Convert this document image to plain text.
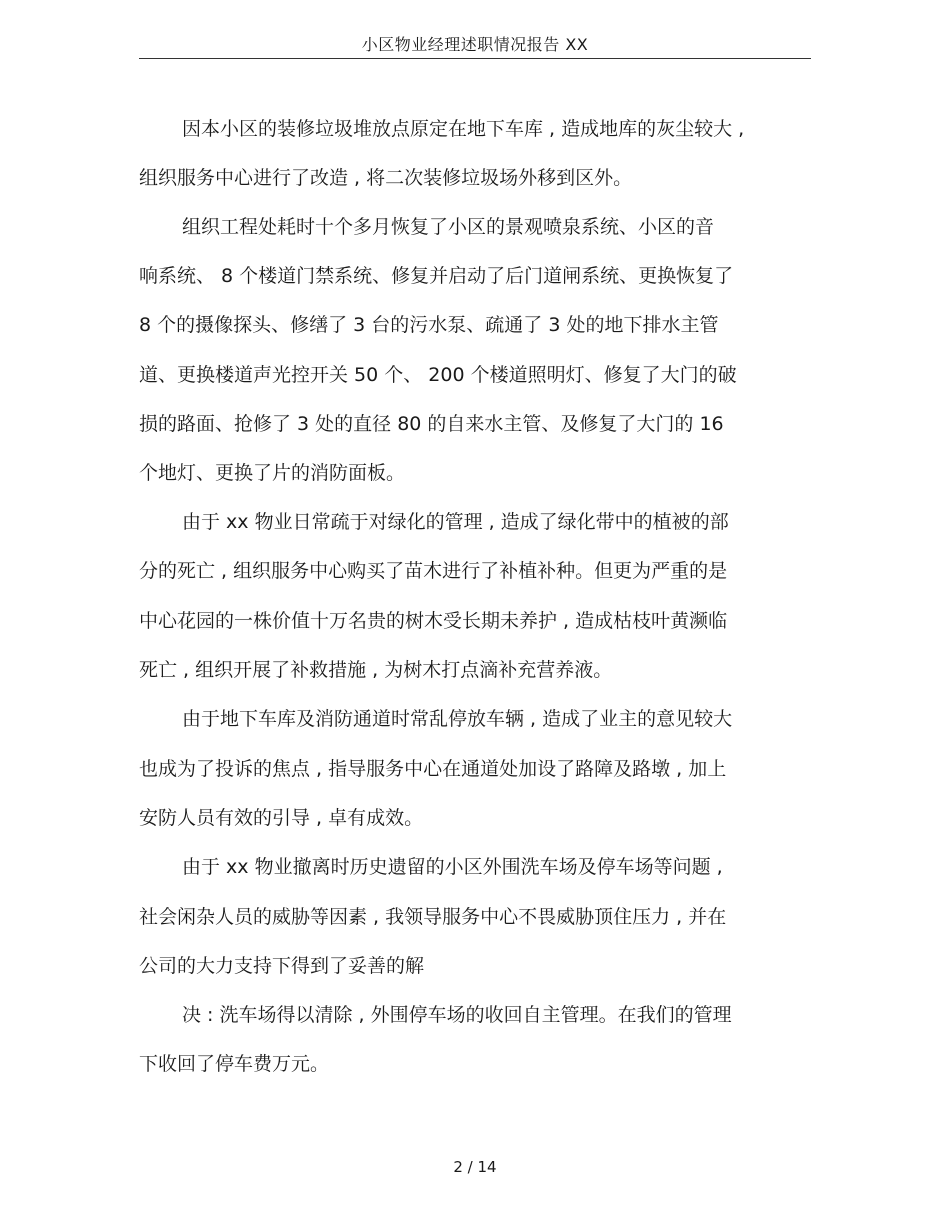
小区物业经理述职情况报告 XX
因本小区的装修垃圾堆放点原定在地下车库 , 造成地库的灰尘较大 ,
组织服务中心进行了改造 , 将二次装修垃圾场外移到区外。
组织工程处耗时十个多月恢复了小区的景观喷泉系统、小区的音
响系统、 8 个楼道门禁系统、修复并启动了后门道闸系统、更换恢复了
8 个的摄像探头、修缮了 3 台的污水泵、疏通了 3 处的地下排水主管
道、更换楼道声光控开关 50 个、 200 个楼道照明灯、修复了大门的破
损的路面、抢修了 3 处的直径 80 的自来水主管、及修复了大门的 16
个地灯、更换了片的消防面板。
由于 xx 物业日常疏于对绿化的管理 , 造成了绿化带中的植被的部
分的死亡 , 组织服务中心购买了苗木进行了补植补种。但更为严重的是
中心花园的一株价值十万名贵的树木受长期未养护 , 造成枯枝叶黄濒临
死亡 , 组织开展了补救措施 , 为树木打点滴补充营养液。
由于地下车库及消防通道时常乱停放车辆 , 造成了业主的意见较大
也成为了投诉的焦点 , 指导服务中心在通道处加设了路障及路墩 , 加上
安防人员有效的引导 , 卓有成效。
由于 xx 物业撤离时历史遗留的小区外围洗车场及停车场等问题 ,
社会闲杂人员的威胁等因素 , 我领导服务中心不畏威胁顶住压力 , 并在
公司的大力支持下得到了妥善的解
决 : 洗车场得以清除 , 外围停车场的收回自主管理。在我们的管理
下收回了停车费万元。
2 / 14
